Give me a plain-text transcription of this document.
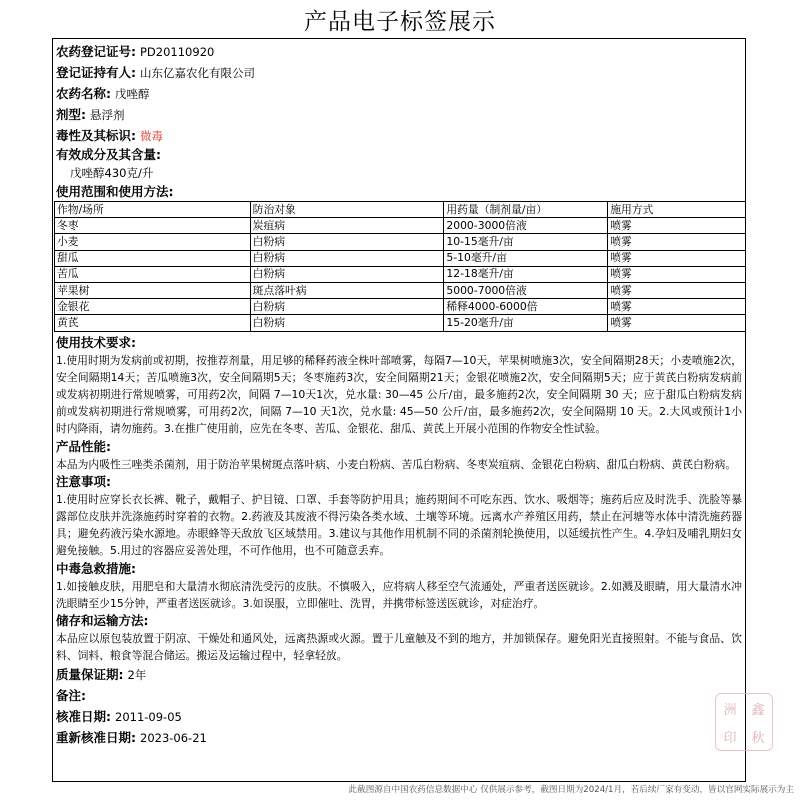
产品电子标签展示
农药登记证号: PD20110920
登记证持有人: 山东亿嘉农化有限公司
农药名称: 戊唑醇
剂型: 悬浮剂
毒性及其标识: 微毒
有效成分及其含量:
戊唑醇430克/升
使用范围和使用方法:
作物/场所	防治对象	用药量（制剂量/亩）	施用方式
冬枣	炭疽病	2000-3000倍液	喷雾
小麦	白粉病	10-15毫升/亩	喷雾
甜瓜	白粉病	5-10毫升/亩	喷雾
苦瓜	白粉病	12-18毫升/亩	喷雾
苹果树	斑点落叶病	5000-7000倍液	喷雾
金银花	白粉病	稀释4000-6000倍	喷雾
黄芪	白粉病	15-20毫升/亩	喷雾
使用技术要求:
1.使用时期为发病前或初期，按推荐剂量，用足够的稀释药液全株叶部喷雾，每隔7—10天，苹果树喷施3次，安全间隔期28天；小麦喷施2次，安全间隔期14天；苦瓜喷施3次，安全间隔期5天；冬枣施药3次，安全间隔期21天；金银花喷施2次，安全间隔期5天；应于黄芪白粉病发病前或发病初期进行常规喷雾，可用药2次，间隔 7—10天1次，兑水量: 30—45 公斤/亩，最多施药2次，安全间隔期 30 天；应于甜瓜白粉病发病前或发病初期进行常规喷雾，可用药2次，间隔 7—10 天1次，兑水量: 45—50 公斤/亩，最多施药2次，安全间隔期 10 天。2.大风或预计1小时内降雨，请勿施药。3.在推广使用前，应先在冬枣、苦瓜、金银花、甜瓜、黄芪上开展小范围的作物安全性试验。
产品性能:
本品为内吸性三唑类杀菌剂，用于防治苹果树斑点落叶病、小麦白粉病、苦瓜白粉病、冬枣炭疽病、金银花白粉病、甜瓜白粉病、黄芪白粉病。
注意事项:
1.使用时应穿长衣长裤、靴子，戴帽子、护目镜、口罩、手套等防护用具；施药期间不可吃东西、饮水、吸烟等；施药后应及时洗手、洗脸等暴露部位皮肤并洗涤施药时穿着的衣物。2.药液及其废液不得污染各类水域、土壤等环境。远离水产养殖区用药，禁止在河塘等水体中清洗施药器具；避免药液污染水源地。赤眼蜂等天敌放飞区域禁用。3.建议与其他作用机制不同的杀菌剂轮换使用，以延缓抗性产生。4.孕妇及哺乳期妇女避免接触。5.用过的容器应妥善处理，不可作他用，也不可随意丢弃。
中毒急救措施:
1.如接触皮肤，用肥皂和大量清水彻底清洗受污的皮肤。不慎吸入，应将病人移至空气流通处，严重者送医就诊。2.如溅及眼睛，用大量清水冲洗眼睛至少15分钟，严重者送医就诊。3.如误服，立即催吐、洗胃，并携带标签送医就诊，对症治疗。
储存和运输方法:
本品应以原包装放置于阴凉、干燥处和通风处，远离热源或火源。置于儿童触及不到的地方，并加锁保存。避免阳光直接照射。不能与食品、饮料、饲料、粮食等混合储运。搬运及运输过程中，轻拿轻放。
质量保证期: 2年
备注:
核准日期: 2011-09-05
重新核准日期: 2023-06-21
洲	鑫
印	秋
此截图源自中国农药信息数据中心 仅供展示参考，截图日期为2024/1月，若后续厂家有变动，皆以官网实际展示为主
